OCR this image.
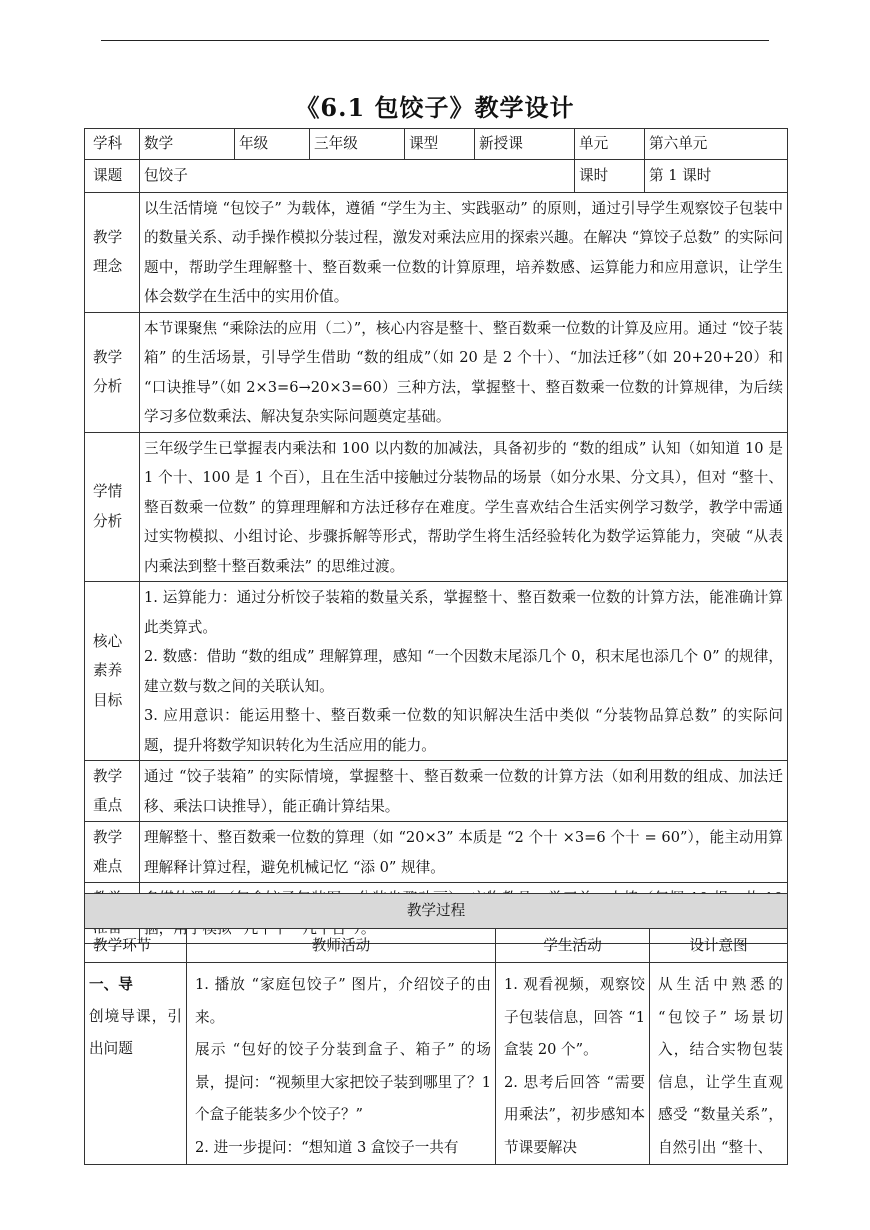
《6.1 包饺子》教学设计
学科	数学	年级	三年级	课型	新授课	单元	第六单元
课题	包饺子					课时	第 1 课时

教学
理念	以生活情境 “包饺子” 为载体，遵循 “学生为主、实践驱动” 的原则，通过引导学生观察饺子包装中的数量关系、动手操作模拟分装过程，激发对乘法应用的探索兴趣。在解决 “算饺子总数” 的实际问题中，帮助学生理解整十、整百数乘一位数的计算原理，培养数感、运算能力和应用意识，让学生体会数学在生活中的实用价值。						

教学
分析	本节课聚焦 “乘除法的应用（二）”，核心内容是整十、整百数乘一位数的计算及应用。通过 “饺子装箱” 的生活场景，引导学生借助 “数的组成”（如 20 是 2 个十）、“加法迁移”（如 20+20+20）和 “口诀推导”（如 2×3=6→20×3=60）三种方法，掌握整十、整百数乘一位数的计算规律，为后续学习多位数乘法、解决复杂实际问题奠定基础。						

学情
分析	三年级学生已掌握表内乘法和 100 以内数的加减法，具备初步的 “数的组成” 认知（如知道 10 是 1 个十、100 是 1 个百），且在生活中接触过分装物品的场景（如分水果、分文具），但对 “整十、整百数乘一位数” 的算理理解和方法迁移存在难度。学生喜欢结合生活实例学习数学，教学中需通过实物模拟、小组讨论、步骤拆解等形式，帮助学生将生活经验转化为数学运算能力，突破 “从表内乘法到整十整百数乘法” 的思维过渡。						

核心
素养
目标	1. 运算能力：通过分析饺子装箱的数量关系，掌握整十、整百数乘一位数的计算方法，能准确计算此类算式。
2. 数感：借助 “数的组成” 理解算理，感知 “一个因数末尾添几个 0，积末尾也添几个 0” 的规律，建立数与数之间的关联认知。
3. 应用意识：能运用整十、整百数乘一位数的知识解决生活中类似 “分装物品算总数” 的实际问题，提升将数学知识转化为生活应用的能力。						

教学
重点	通过 “饺子装箱” 的实际情境，掌握整十、整百数乘一位数的计算方法（如利用数的组成、加法迁移、乘法口诀推导），能正确计算结果。						

教学
难点	理解整十、整百数乘一位数的算理（如 “20×3” 本质是 “2 个十 ×3=6 个十 = 60”），能主动用算理解释计算过程，避免机械记忆 “添 0” 规律。						

教学过程			
教学环节	教师活动	学生活动	设计意图

一、导
创境导课，引出问题	1. 播放 “家庭包饺子” 图片，介绍饺子的由来。
展示 “包好的饺子分装到盒子、箱子” 的场景，提问：“视频里大家把饺子装到哪里了？1 个盒子能装多少个饺子？”
2. 进一步提问：“想知道 3 盒饺子一共有	1. 观看视频，观察饺子包装信息，回答 “1 盒装 20 个”。
2. 思考后回答 “需要用乘法”，初步感知本节课要解决	从生活中熟悉的 “包饺子” 场景切入，结合实物包装信息，让学生直观感受 “数量关系”，自然引出 “整十、
